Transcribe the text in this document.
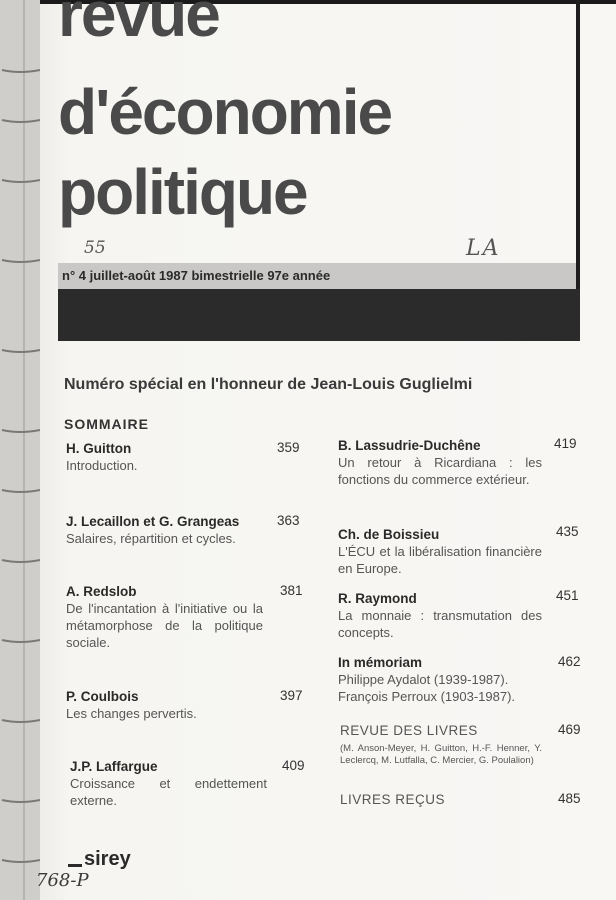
revue
d'économie
politique
55	LA
n° 4 juillet-août 1987 bimestrielle 97e année
Numéro spécial en l'honneur de Jean-Louis Guglielmi
SOMMAIRE
H. Guitton
Introduction.
359
J. Lecaillon et G. Grangeas
Salaires, répartition et cycles.
363
A. Redslob
De l'incantation à l'initiative ou la métamorphose de la politique sociale.
381
P. Coulbois
Les changes pervertis.
397
J.P. Laffargue
Croissance et endettement externe.
409
B. Lassudrie-Duchêne
Un retour à Ricardiana : les fonctions du commerce extérieur.
419
Ch. de Boissieu
L'ÉCU et la libéralisation financière en Europe.
435
R. Raymond
La monnaie : transmutation des concepts.
451
In mémoriam
Philippe Aydalot (1939-1987). François Perroux (1903-1987).
462
REVUE DES LIVRES
(M. Anson-Meyer, H. Guitton, H.-F. Henner, Y. Leclercq, M. Lutfalla, C. Mercier, G. Poulalion)
469
LIVRES REÇUS	485
sirey
768-P
